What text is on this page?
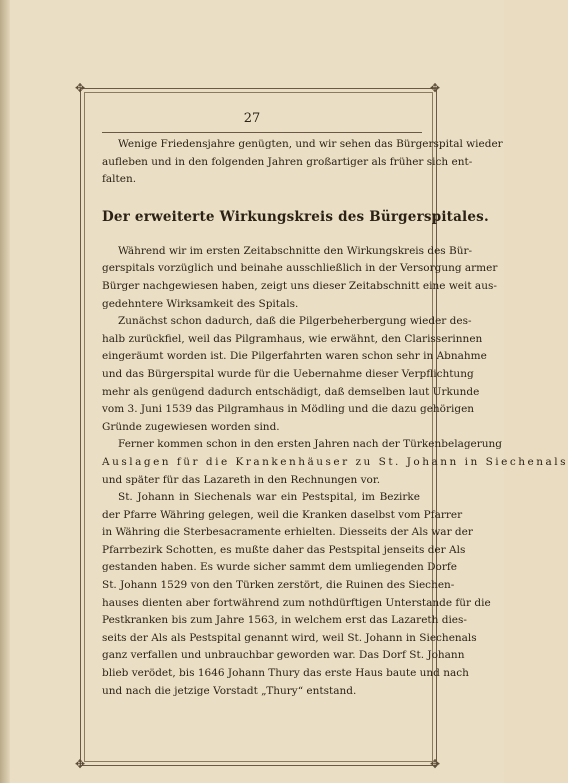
✥	✥
✥	✥
27
Wenige Friedensjahre genügten, und wir sehen das Bürgerspital wieder
aufleben und in den folgenden Jahren großartiger als früher sich ent-
falten.
Der erweiterte Wirkungskreis des Bürgerspitales.
Während wir im ersten Zeitabschnitte den Wirkungskreis des Bür-
gerspitals vorzüglich und beinahe ausschließlich in der Versorgung armer
Bürger nachgewiesen haben, zeigt uns dieser Zeitabschnitt eine weit aus-
gedehntere Wirksamkeit des Spitals.
Zunächst schon dadurch, daß die Pilgerbeherbergung wieder des-
halb zurückfiel, weil das Pilgramhaus, wie erwähnt, den Clarisserinnen
eingeräumt worden ist. Die Pilgerfahrten waren schon sehr in Abnahme
und das Bürgerspital wurde für die Uebernahme dieser Verpflichtung
mehr als genügend dadurch entschädigt, daß demselben laut Urkunde
vom 3. Juni 1539 das Pilgramhaus in Mödling und die dazu gehörigen
Gründe zugewiesen worden sind.
Ferner kommen schon in den ersten Jahren nach der Türkenbelagerung
Auslagen für die Krankenhäuser zu St. Johann in Siechenals
und später für das Lazareth in den Rechnungen vor.
St. Johann in Siechenals war ein Pestspital, im Bezirke
der Pfarre Währing gelegen, weil die Kranken daselbst vom Pfarrer
in Währing die Sterbesacramente erhielten. Diesseits der Als war der
Pfarrbezirk Schotten, es mußte daher das Pestspital jenseits der Als
gestanden haben. Es wurde sicher sammt dem umliegenden Dorfe
St. Johann 1529 von den Türken zerstört, die Ruinen des Siechen-
hauses dienten aber fortwährend zum nothdürftigen Unterstande für die
Pestkranken bis zum Jahre 1563, in welchem erst das Lazareth dies-
seits der Als als Pestspital genannt wird, weil St. Johann in Siechenals
ganz verfallen und unbrauchbar geworden war. Das Dorf St. Johann
blieb verödet, bis 1646 Johann Thury das erste Haus baute und nach
und nach die jetzige Vorstadt „Thury“ entstand.
